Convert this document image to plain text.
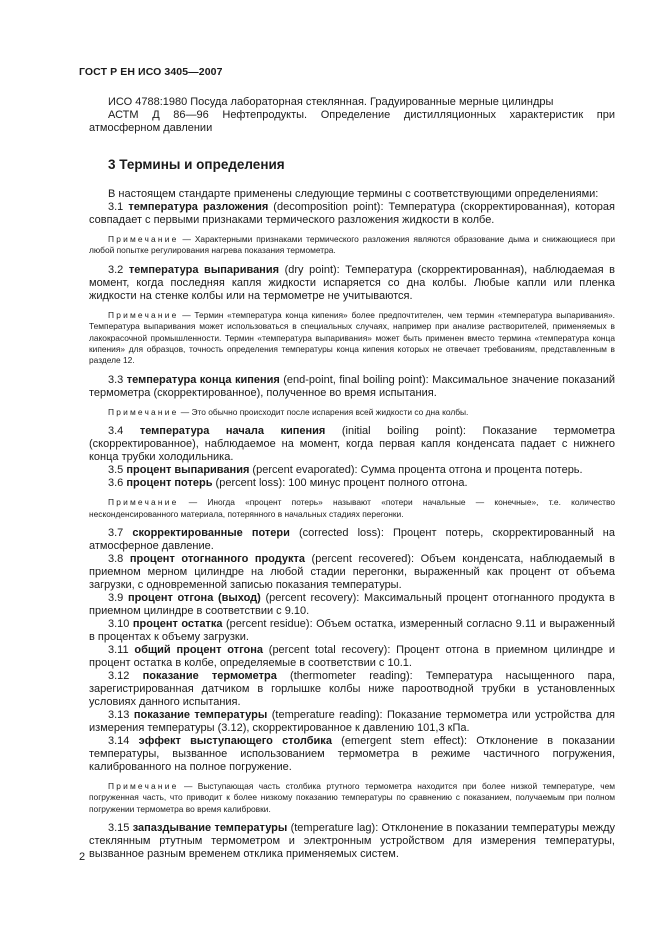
ГОСТ Р ЕН ИСО 3405—2007

ИСО 4788:1980 Посуда лабораторная стеклянная. Градуированные мерные цилиндры

АСТМ Д 86—96 Нефтепродукты. Определение дистилляционных характеристик при атмосферном давлении

3 Термины и определения

В настоящем стандарте применены следующие термины с соответствующими определениями:

3.1 температура разложения (decomposition point): Температура (скорректированная), которая совпадает с первыми признаками термического разложения жидкости в колбе.

Примечание — Характерными признаками термического разложения являются образование дыма и снижающиеся при любой попытке регулирования нагрева показания термометра.

3.2 температура выпаривания (dry point): Температура (скорректированная), наблюдаемая в момент, когда последняя капля жидкости испаряется со дна колбы. Любые капли или пленка жидкости на стенке колбы или на термометре не учитываются.

Примечание — Термин «температура конца кипения» более предпочтителен, чем термин «температура выпаривания». Температура выпаривания может использоваться в специальных случаях, например при анализе растворителей, применяемых в лакокрасочной промышленности. Термин «температура выпаривания» может быть применен вместо термина «температура конца кипения» для образцов, точность определения температуры конца кипения которых не отвечает требованиям, представленным в разделе 12.

3.3 температура конца кипения (end-point, final boiling point): Максимальное значение показаний термометра (скорректированное), полученное во время испытания.

Примечание — Это обычно происходит после испарения всей жидкости со дна колбы.

3.4 температура начала кипения (initial boiling point): Показание термометра (скорректированное), наблюдаемое на момент, когда первая капля конденсата падает с нижнего конца трубки холодильника.

3.5 процент выпаривания (percent evaporated): Сумма процента отгона и процента потерь.

3.6 процент потерь (percent loss): 100 минус процент полного отгона.

Примечание — Иногда «процент потерь» называют «потери начальные — конечные», т.е. количество несконденсированного материала, потерянного в начальных стадиях перегонки.

3.7 скорректированные потери (corrected loss): Процент потерь, скорректированный на атмосферное давление.

3.8 процент отогнанного продукта (percent recovered): Объем конденсата, наблюдаемый в приемном мерном цилиндре на любой стадии перегонки, выраженный как процент от объема загрузки, с одновременной записью показания температуры.

3.9 процент отгона (выход) (percent recovery): Максимальный процент отогнанного продукта в приемном цилиндре в соответствии с 9.10.

3.10 процент остатка (percent residue): Объем остатка, измеренный согласно 9.11 и выраженный в процентах к объему загрузки.

3.11 общий процент отгона (percent total recovery): Процент отгона в приемном цилиндре и процент остатка в колбе, определяемые в соответствии с 10.1.

3.12 показание термометра (thermometer reading): Температура насыщенного пара, зарегистрированная датчиком в горлышке колбы ниже пароотводной трубки в установленных условиях данного испытания.

3.13 показание температуры (temperature reading): Показание термометра или устройства для измерения температуры (3.12), скорректированное к давлению 101,3 кПа.

3.14 эффект выступающего столбика (emergent stem effect): Отклонение в показании температуры, вызванное использованием термометра в режиме частичного погружения, калиброванного на полное погружение.

Примечание — Выступающая часть столбика ртутного термометра находится при более низкой температуре, чем погруженная часть, что приводит к более низкому показанию температуры по сравнению с показанием, получаемым при полном погружении термометра во время калибровки.

3.15 запаздывание температуры (temperature lag): Отклонение в показании температуры между стеклянным ртутным термометром и электронным устройством для измерения температуры, вызванное разным временем отклика применяемых систем.

2
